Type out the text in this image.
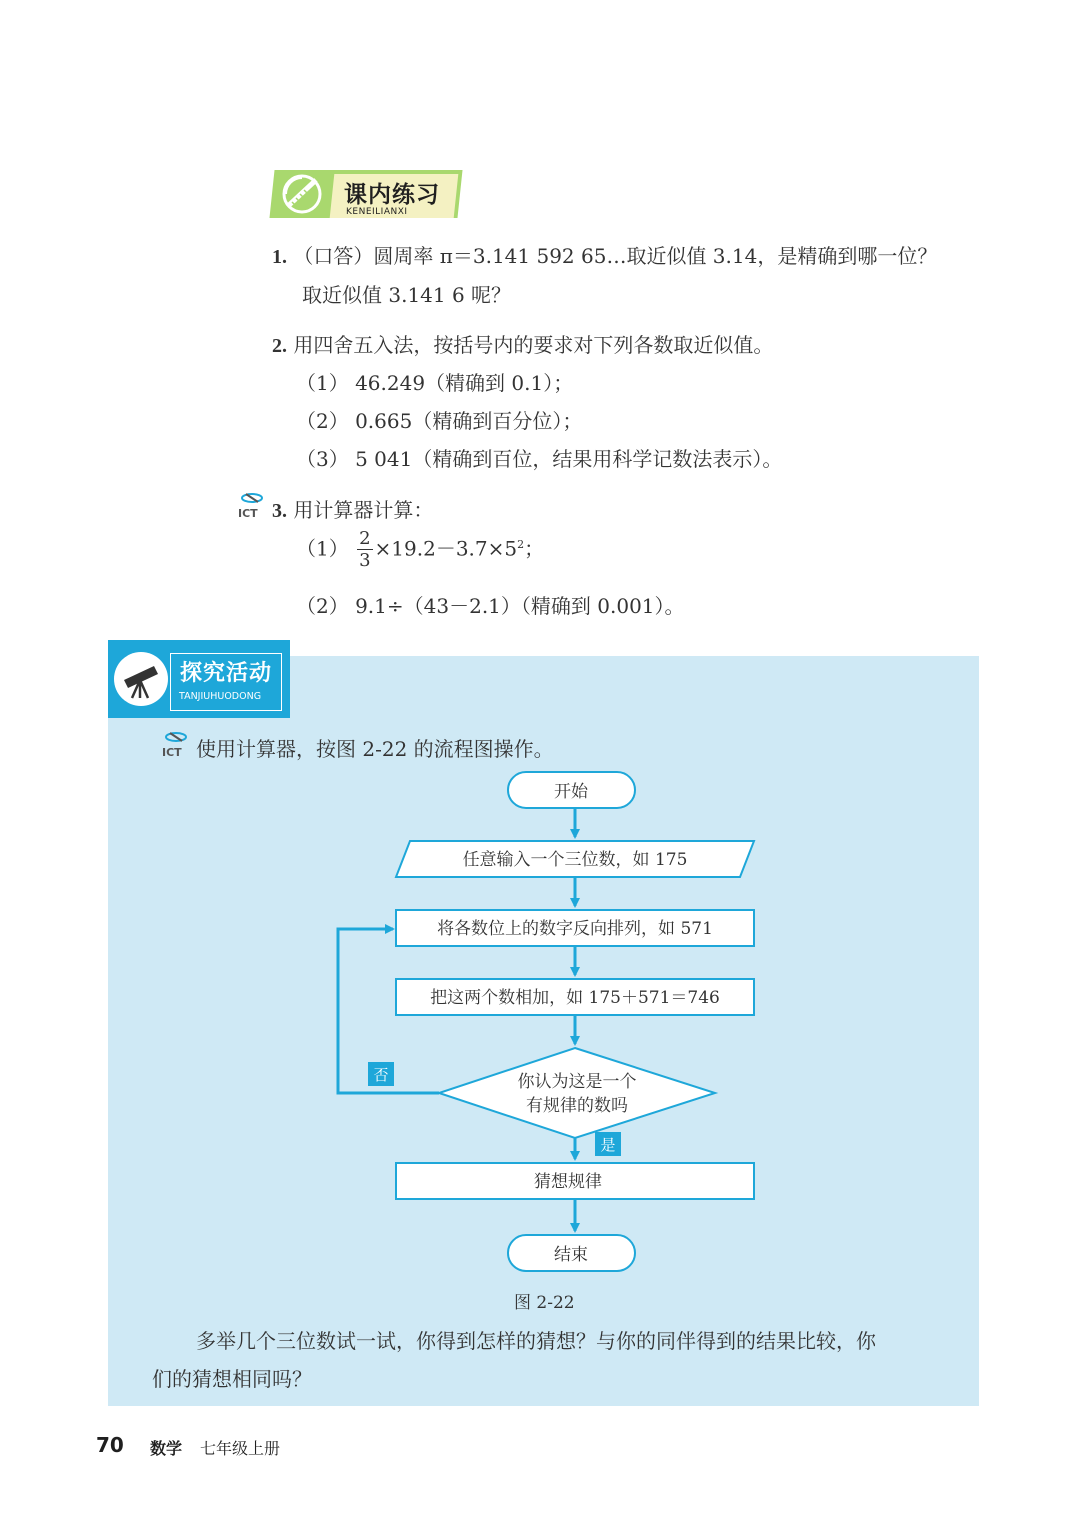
课内练习
KENEILIANXI
1. （口答）圆周率 π＝3.141 592 65…取近似值 3.14，是精确到哪一位？
取近似值 3.141 6 呢？
2. 用四舍五入法，按括号内的要求对下列各数取近似值。
（1） 46.249（精确到 0.1）；
（2） 0.665（精确到百分位）；
（3） 5 041（精确到百位，结果用科学记数法表示）。
ICT 3. 用计算器计算：
$(1) \frac{2}{3} \times 19.2-3.7\times 5^2$；
（2） 9.1÷（43－2.1）（精确到 0.001）。
探究活动
TANJIUHUODONG
ICT 使用计算器，按图 2-22 的流程图操作。
开始
任意输入一个三位数，如 175
将各数位上的数字反向排列，如 571
把这两个数相加，如 175＋571＝746
你认为这是一个
有规律的数吗
否
是
猜想规律
结束
图 2-22
多举几个三位数试一试，你得到怎样的猜想？与你的同伴得到的结果比较，你
们的猜想相同吗？
70 数学 七年级上册
